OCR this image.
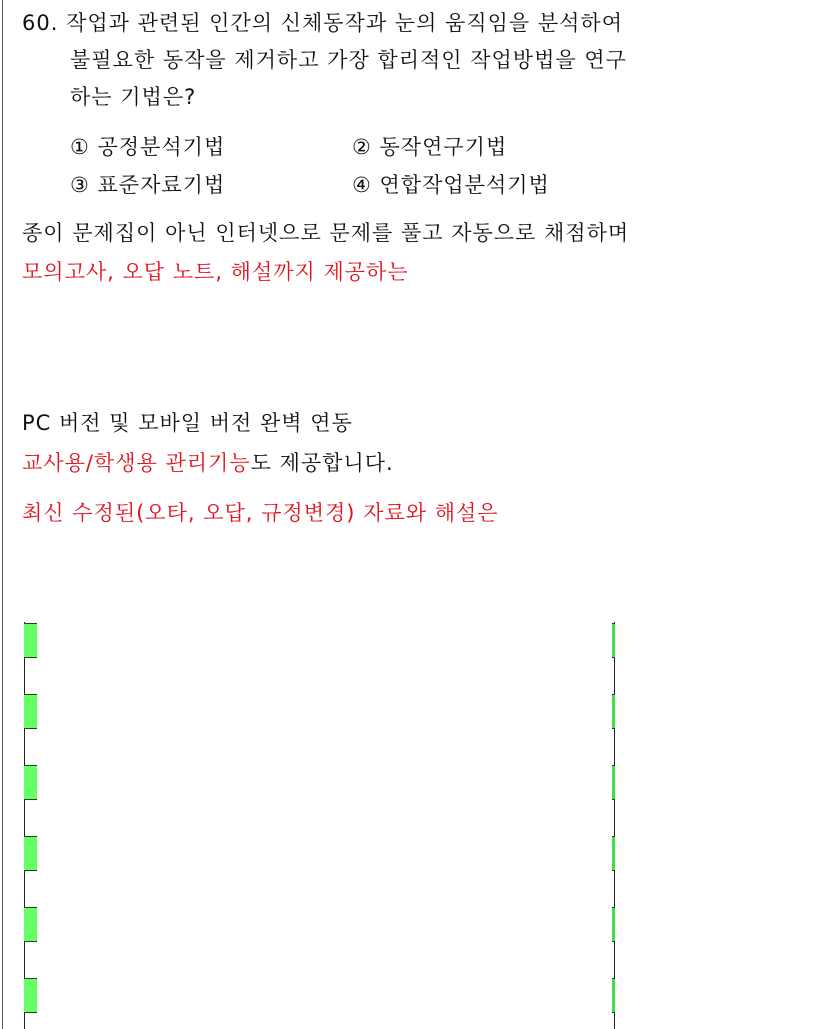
60. 작업과 관련된 인간의 신체동작과 눈의 움직임을 분석하여
불필요한 동작을 제거하고 가장 합리적인 작업방법을 연구
하는 기법은?
① 공정분석기법	② 동작연구기법
③ 표준자료기법	④ 연합작업분석기법
종이 문제집이 아닌 인터넷으로 문제를 풀고 자동으로 채점하며
모의고사, 오답 노트, 해설까지 제공하는
PC 버전 및 모바일 버전 완벽 연동
교사용/학생용 관리기능도 제공합니다.
최신 수정된(오타, 오답, 규정변경) 자료와 해설은
